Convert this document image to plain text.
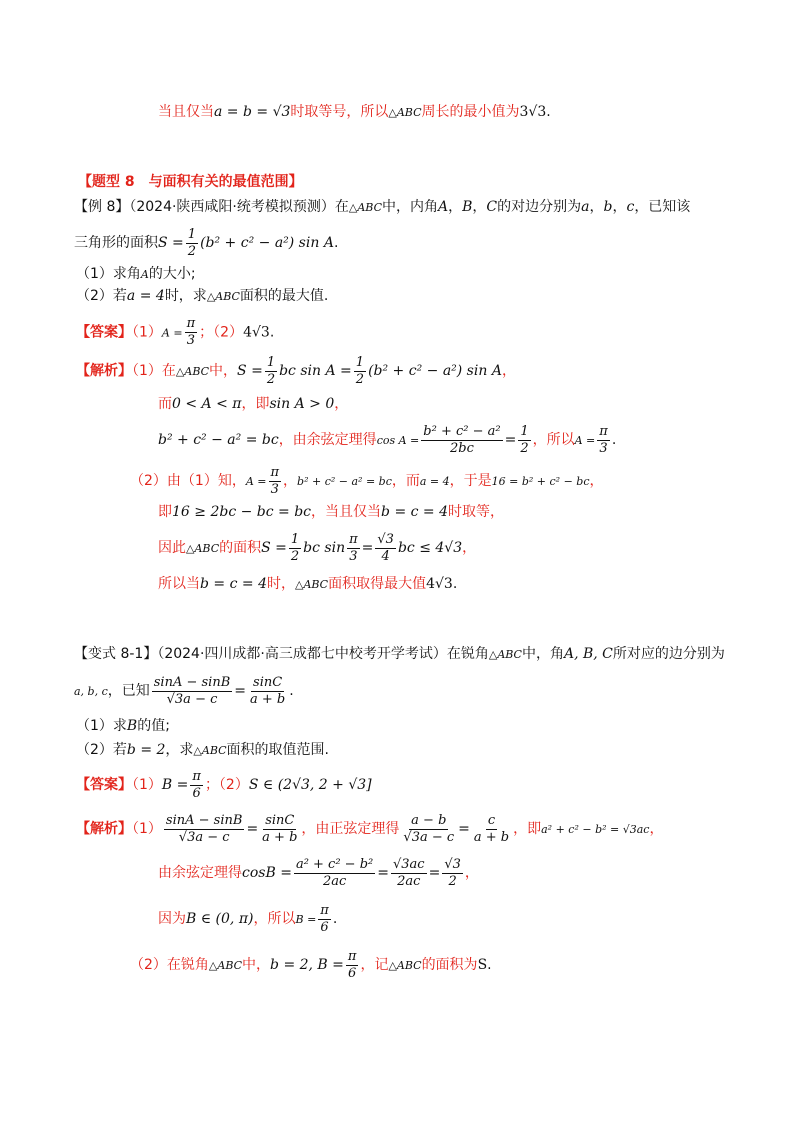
当且仅当a = b = √3时取等号，所以△ABC周长的最小值为3√3.
【题型 8　与面积有关的最值范围】
【例 8】（2024·陕西咸阳·统考模拟预测）在△ABC中，内角A，B，C的对边分别为a，b，c，已知该
三角形的面积$S = \frac{1}{2} (b^2 + c^2 - a^2)$ sin A.
（1）求角A的大小;
（2）若a = 4时，求△ABC面积的最大值.
【答案】$(1)A = \frac{\pi}{3}$ ；（2）4√3.
【解析】（1）在△ABC中，$S = \frac{1}{2}$ bc $\sin A = \frac{1}{2} (b^2 + c^2 - a^2)$ sin A，
而0 < A < π，即sin A > 0，
b² + c² − a² = bc，由余弦定理得$\cos A = \frac{\text{b² + c² − a²}}{2bc} = \frac{1}{2}$ ，所以$A = \frac{\pi}{3}$ .
（2）由（1）知，$A = \frac{\pi}{3}$ ，b² + c² − a² = bc，而a = 4，于是16 = b² + c² − bc，
即16 ≥ 2bc − bc = bc，当且仅当b = c = 4时取等，
因此△ABC的面积$S = \frac{1}{2}$ bc $\sin \frac{\pi}{3} = \frac{√3}{4}$ bc ≤ 4√3，
所以当b = c = 4时，△ABC面积取得最大值4√3.
【变式 8-1】（2024·四川成都·高三成都七中校考开学考试）在锐角△ABC中，角A, B, C所对应的边分别为
a, b, c，已知 $\frac{\sin A - \sin B}{√3a - c} = \frac{\sin C}{a + b}$ .
（1）求B的值;
（2）若b = 2，求△ABC面积的取值范围.
【答案】$(1)B = \frac{\pi}{6}$ ；（2）S ∈ (2√3, 2 + √3]
【解析】$(1) \frac{\sin A - \sin B}{√3a - c} = \frac{\sin C}{a + b}$ ，由正弦定理得 $\frac{a - b}{√3a - c} = \frac{c}{a + b}$ ，即a² + c² − b² = √3ac，
由余弦定理得$\cos B = \frac{\text{a² + c² − b²}}{2ac} = \frac{√3ac}{2ac} = \frac{√3}{2}$ ，
因为B ∈ (0, π)，所以$B = \frac{\pi}{6}$ .
（2）在锐角△ABC中，b = 2, $B = \frac{\pi}{6}$ ，记△ABC的面积为S.
